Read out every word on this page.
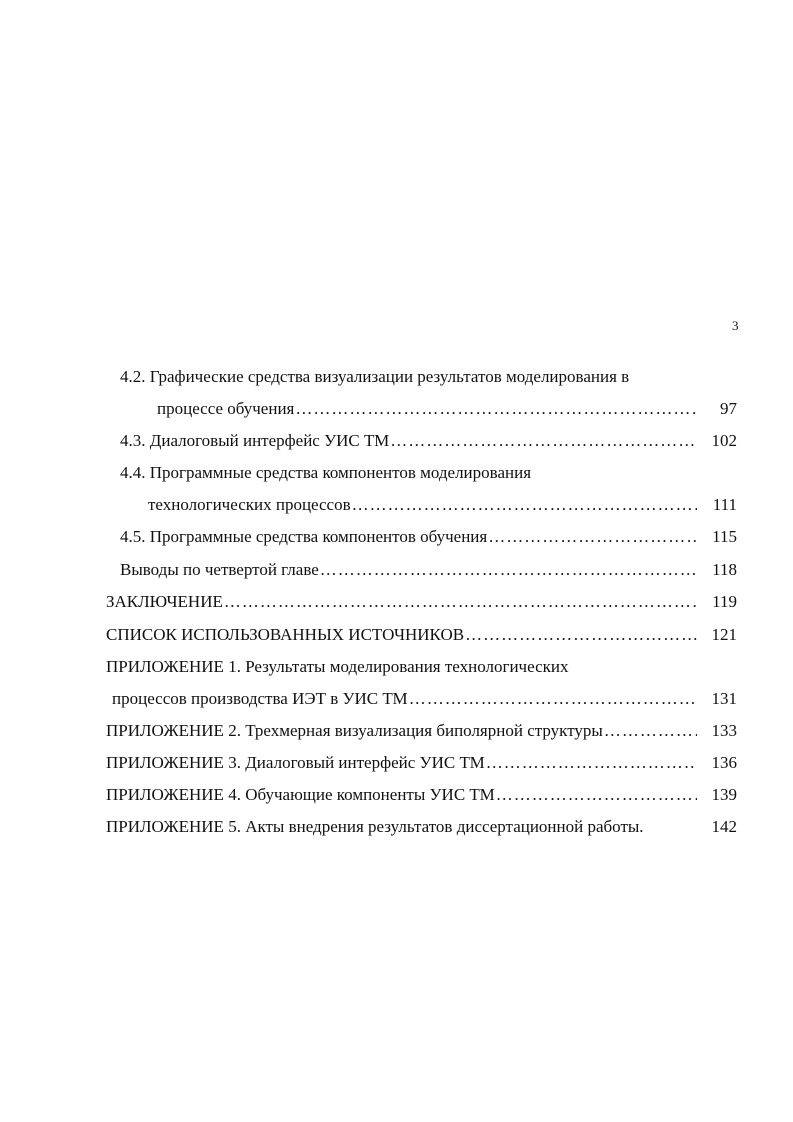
3
4.2. Графические средства визуализации результатов моделирования в
процессе обучения …………………………………………………………………………………………………………………………………………………………………………………………………	97
4.3. Диалоговый интерфейс УИС ТМ …………………………………………………………………………………………………………………………………………………………………………………………………	102
4.4. Программные средства компонентов моделирования
технологических процессов …………………………………………………………………………………………………………………………………………………………………………………………………	111
4.5. Программные средства компонентов обучения …………………………………………………………………………………………………………………………………………………………………………………………………	115
Выводы по четвертой главе …………………………………………………………………………………………………………………………………………………………………………………………………	118
ЗАКЛЮЧЕНИЕ …………………………………………………………………………………………………………………………………………………………………………………………………	119
СПИСОК ИСПОЛЬЗОВАННЫХ ИСТОЧНИКОВ …………………………………………………………………………………………………………………………………………………………………………………………………	121
ПРИЛОЖЕНИЕ 1. Результаты моделирования технологических
процессов производства ИЭТ в УИС ТМ …………………………………………………………………………………………………………………………………………………………………………………………………	131
ПРИЛОЖЕНИЕ 2. Трехмерная визуализация биполярной структуры …………………………………………………………………………………………………………………………………………………………………………………………………	133
ПРИЛОЖЕНИЕ 3. Диалоговый интерфейс УИС ТМ …………………………………………………………………………………………………………………………………………………………………………………………………	136
ПРИЛОЖЕНИЕ 4. Обучающие компоненты УИС ТМ …………………………………………………………………………………………………………………………………………………………………………………………………	139
ПРИЛОЖЕНИЕ 5. Акты внедрения результатов диссертационной работы.	142
